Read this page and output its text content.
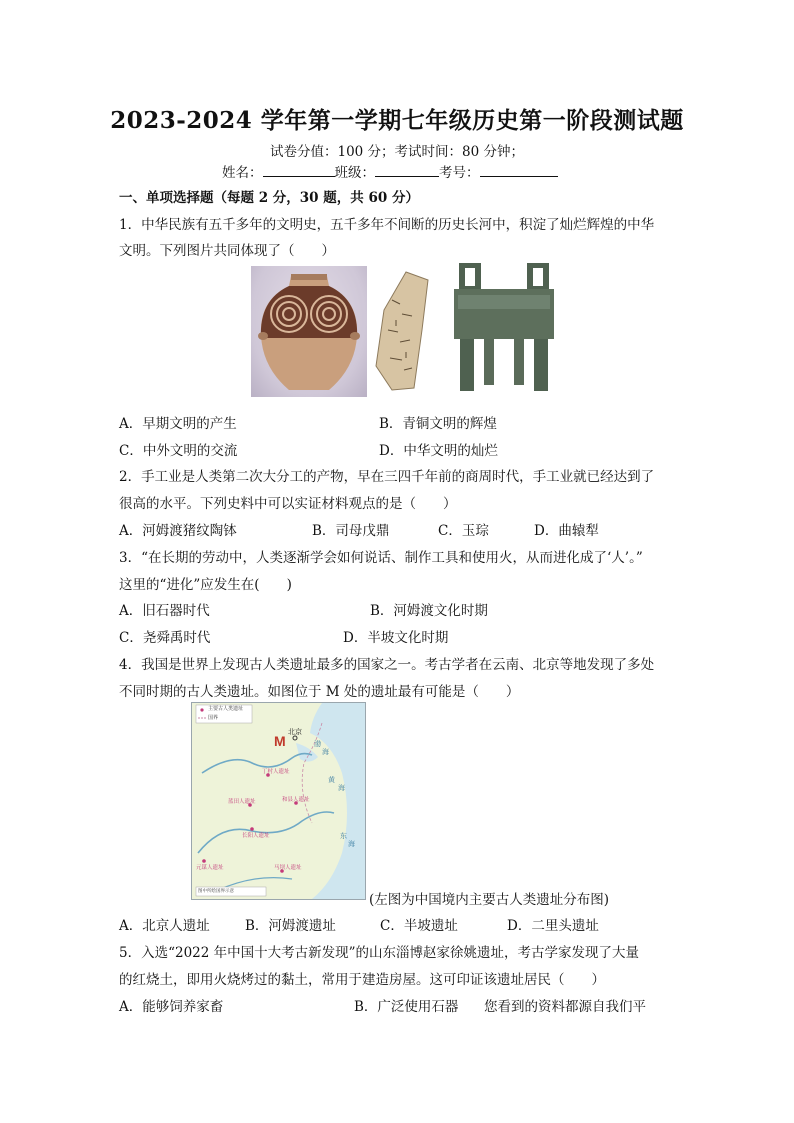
2023-2024 学年第一学期七年级历史第一阶段测试题
试卷分值：100 分；考试时间：80 分钟；
姓名：	班级：	考号：
一、单项选择题（每题 2 分，30 题，共 60 分）
1．中华民族有五千多年的文明史，五千多年不间断的历史长河中，积淀了灿烂辉煌的中华
文明。下列图片共同体现了（　　）
A．早期文明的产生	B．青铜文明的辉煌
C．中外文明的交流	D．中华文明的灿烂
2．手工业是人类第二次大分工的产物，早在三四千年前的商周时代，手工业就已经达到了
很高的水平。下列史料中可以实证材料观点的是（　　）
A．河姆渡猪纹陶钵	B．司母戊鼎	C．玉琮	D．曲辕犁
3．“在长期的劳动中，人类逐渐学会如何说话、制作工具和使用火，从而进化成了‘人’。”
这里的“进化”应发生在(　　)
A．旧石器时代	B．河姆渡文化时期
C．尧舜禹时代	D．半坡文化时期
4．我国是世界上发现古人类遗址最多的国家之一。考古学者在云南、北京等地发现了多处
不同时期的古人类遗址。如图位于 M 处的遗址最有可能是（　　）
主要古人类遗址
国界
M
北京
丁村人遗址
蓝田人遗址	和县人遗址
长阳人遗址
元谋人遗址	马坝人遗址
渤
海
黄
海
东
海
图中所绘国界示意
(左图为中国境内主要古人类遗址分布图)
A．北京人遗址	B．河姆渡遗址	C．半坡遗址	D．二里头遗址
5．入选“2022 年中国十大考古新发现”的山东淄博赵家徐姚遗址，考古学家发现了大量
的红烧土，即用火烧烤过的黏土，常用于建造房屋。这可印证该遗址居民（　　）
A．能够饲养家畜	B．广泛使用石器 您看到的资料都源自我们平
